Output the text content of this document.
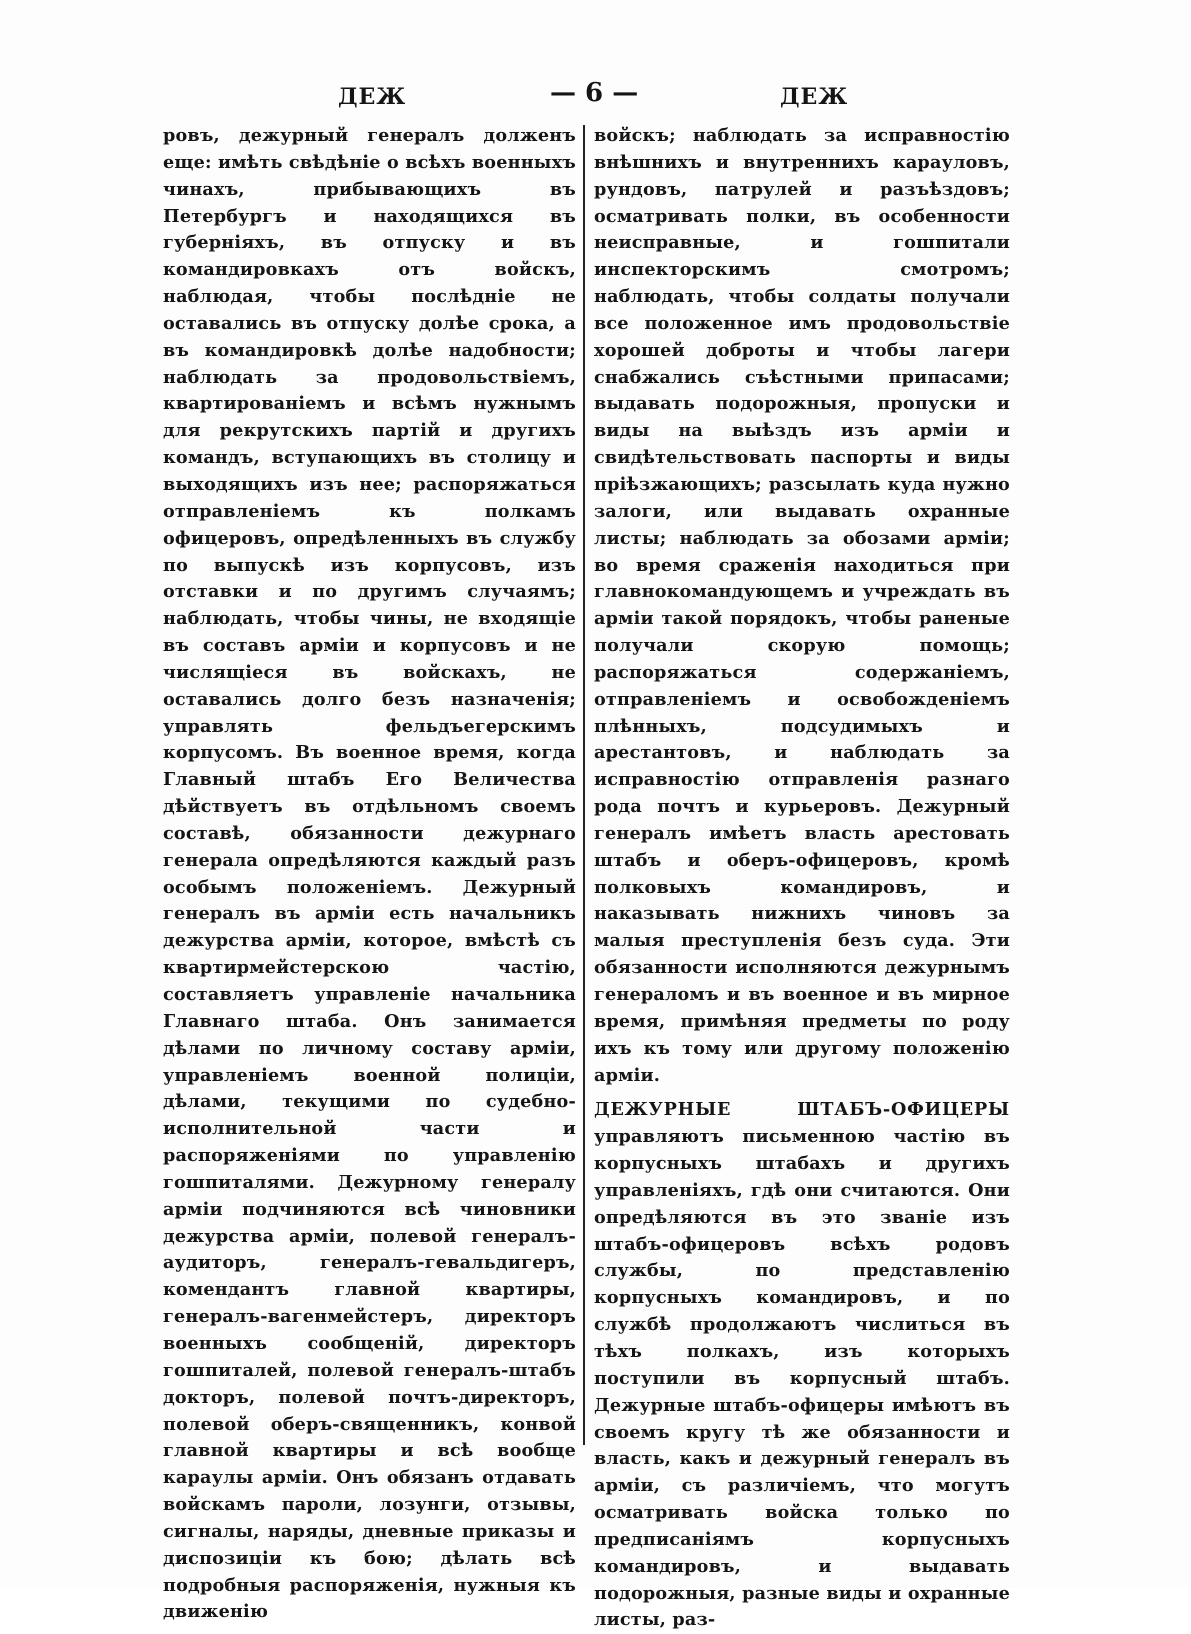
ДЕЖ	— 6 —	ДЕЖ

ровъ, дежурный генералъ долженъ еще: имѣть свѣдѣніе о всѣхъ военныхъ чинахъ, прибывающихъ въ Петербургъ и находящихся въ губерніяхъ, въ отпуску и въ командировкахъ отъ войскъ, наблюдая, чтобы послѣдніе не оставались въ отпуску долѣе срока, а въ командировкѣ долѣе надобности; наблюдать за продовольствіемъ, квартированіемъ и всѣмъ нужнымъ для рекрутскихъ партій и другихъ командъ, вступающихъ въ столицу и выходящихъ изъ нее; распоряжаться отправленіемъ къ полкамъ офицеровъ, опредѣленныхъ въ службу по выпускѣ изъ корпусовъ, изъ отставки и по другимъ случаямъ; наблюдать, чтобы чины, не входящіе въ составъ арміи и корпусовъ и не числящіеся въ войскахъ, не оставались долго безъ назначенія; управлять фельдъегерскимъ корпусомъ. Въ военное время, когда Главный штабъ Его Величества дѣйствуетъ въ отдѣльномъ своемъ составѣ, обязанности дежурнаго генерала опредѣляются каждый разъ особымъ положеніемъ. Дежурный генералъ въ арміи есть начальникъ дежурства арміи, которое, вмѣстѣ съ квартирмейстерскою частію, составляетъ управленіе начальника Главнаго штаба. Онъ занимается дѣлами по личному составу арміи, управленіемъ военной полиціи, дѣлами, текущими по судебно-исполнительной части и распоряженіями по управленію гошпиталями. Дежурному генералу арміи подчиняются всѣ чиновники дежурства арміи, полевой генералъ-аудиторъ, генералъ-гевальдигеръ, комендантъ главной квартиры, генералъ-вагенмейстеръ, директоръ военныхъ сообщеній, директоръ гошпиталей, полевой генералъ-штабъ докторъ, полевой почтъ-директоръ, полевой оберъ-священникъ, конвой главной квартиры и всѣ вообще караулы арміи. Онъ обязанъ отдавать войскамъ пароли, лозунги, отзывы, сигналы, наряды, дневные приказы и диспозиціи къ бою; дѣлать всѣ подробныя распоряженія, нужныя къ движенію

войскъ; наблюдать за исправностію внѣшнихъ и внутреннихъ карауловъ, рундовъ, патрулей и разъѣздовъ; осматривать полки, въ особенности неисправные, и гошпитали инспекторскимъ смотромъ; наблюдать, чтобы солдаты получали все положенное имъ продовольствіе хорошей доброты и чтобы лагери снабжались съѣстными припасами; выдавать подорожныя, пропуски и виды на выѣздъ изъ арміи и свидѣтельствовать паспорты и виды пріѣзжающихъ; разсылать куда нужно залоги, или выдавать охранные листы; наблюдать за обозами арміи; во время сраженія находиться при главнокомандующемъ и учреждать въ арміи такой порядокъ, чтобы раненые получали скорую помощь; распоряжаться содержаніемъ, отправленіемъ и освобожденіемъ плѣнныхъ, подсудимыхъ и арестантовъ, и наблюдать за исправностію отправленія разнаго рода почтъ и курьеровъ. Дежурный генералъ имѣетъ власть арестовать штабъ и оберъ-офицеровъ, кромѣ полковыхъ командировъ, и наказывать нижнихъ чиновъ за малыя преступленія безъ суда. Эти обязанности исполняются дежурнымъ генераломъ и въ военное и въ мирное время, примѣняя предметы по роду ихъ къ тому или другому положенію арміи.

ДЕЖУРНЫЕ ШТАБЪ-ОФИЦЕРЫ управляютъ письменною частію въ корпусныхъ штабахъ и другихъ управленіяхъ, гдѣ они считаются. Они опредѣляются въ это званіе изъ штабъ-офицеровъ всѣхъ родовъ службы, по представленію корпусныхъ командировъ, и по службѣ продолжаютъ числиться въ тѣхъ полкахъ, изъ которыхъ поступили въ корпусный штабъ. Дежурные штабъ-офицеры имѣютъ въ своемъ кругу тѣ же обязанности и власть, какъ и дежурный генералъ въ арміи, съ различіемъ, что могутъ осматривать войска только по предписаніямъ корпусныхъ командировъ, и выдавать подорожныя, разные виды и охранные листы, раз-
